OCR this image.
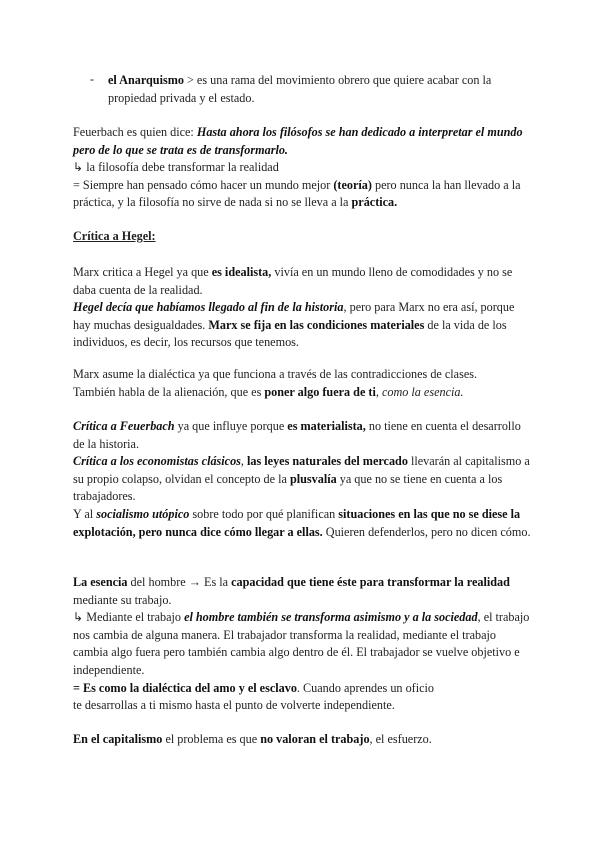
- el Anarquismo > es una rama del movimiento obrero que quiere acabar con la propiedad privada y el estado.

Feuerbach es quien dice: Hasta ahora los filósofos se han dedicado a interpretar el mundo pero de lo que se trata es de transformarlo.
↳ la filosofía debe transformar la realidad
= Siempre han pensado cómo hacer un mundo mejor (teoría) pero nunca la han llevado a la práctica, y la filosofía no sirve de nada si no se lleva a la práctica.

Crítica a Hegel:

Marx critica a Hegel ya que es idealista, vivía en un mundo lleno de comodidades y no se daba cuenta de la realidad.
Hegel decía que habíamos llegado al fin de la historia, pero para Marx no era así, porque hay muchas desigualdades. Marx se fija en las condiciones materiales de la vida de los individuos, es decir, los recursos que tenemos.

Marx asume la dialéctica ya que funciona a través de las contradicciones de clases.
También habla de la alienación, que es poner algo fuera de ti, como la esencia.

Crítica a Feuerbach ya que influye porque es materialista, no tiene en cuenta el desarrollo de la historia.
Crítica a los economistas clásicos, las leyes naturales del mercado llevarán al capitalismo a su propio colapso, olvidan el concepto de la plusvalía ya que no se tiene en cuenta a los trabajadores.
Y al socialismo utópico sobre todo por qué planifican situaciones en las que no se diese la explotación, pero nunca dice cómo llegar a ellas. Quieren defenderlos, pero no dicen cómo.

La esencia del hombre → Es la capacidad que tiene éste para transformar la realidad mediante su trabajo.
↳ Mediante el trabajo el hombre también se transforma asimismo y a la sociedad, el trabajo nos cambia de alguna manera. El trabajador transforma la realidad, mediante el trabajo cambia algo fuera pero también cambia algo dentro de él. El trabajador se vuelve objetivo e independiente.
= Es como la dialéctica del amo y el esclavo. Cuando aprendes un oficio
te desarrollas a ti mismo hasta el punto de volverte independiente.

En el capitalismo el problema es que no valoran el trabajo, el esfuerzo.
